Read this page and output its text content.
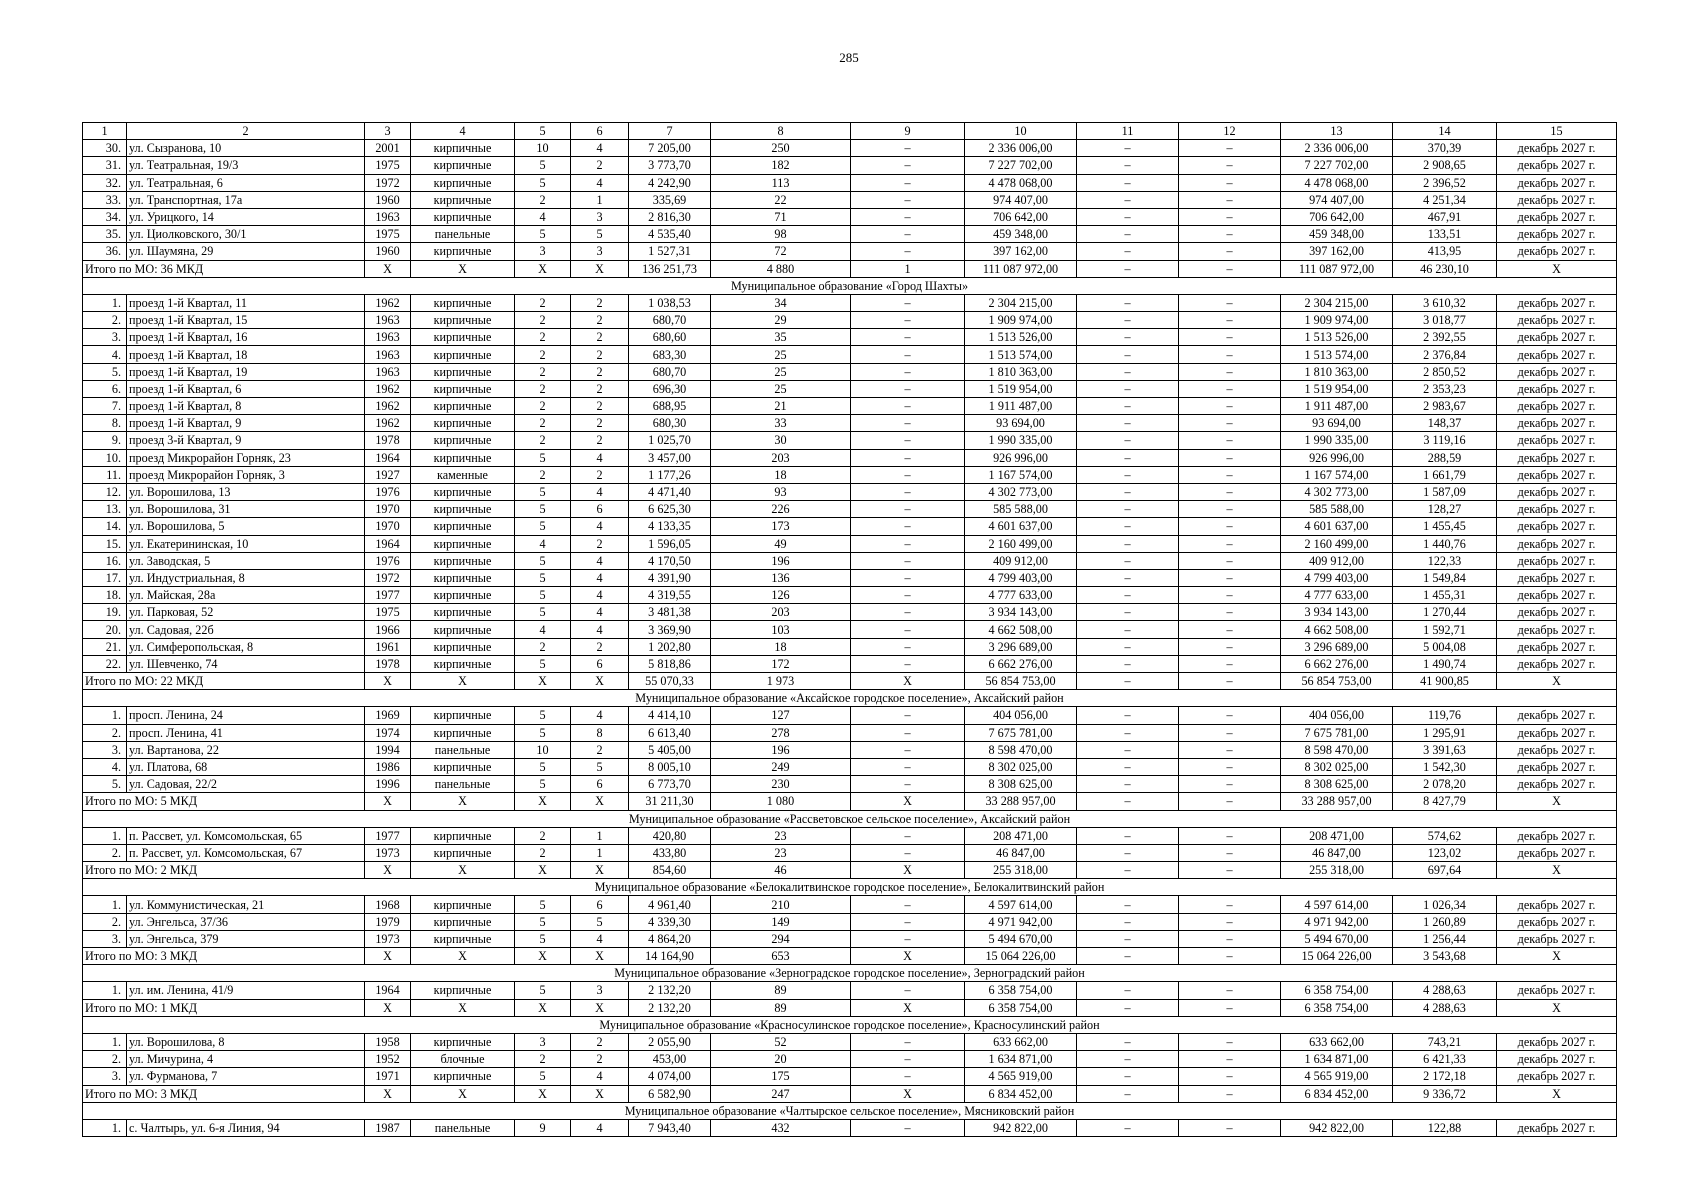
285
1	2	3	4	5	6	7	8	9	10	11	12	13	14	15
30.	ул. Сызранова, 10	2001	кирпичные	10	4	7 205,00	250	–	2 336 006,00	–	–	2 336 006,00	370,39	декабрь 2027 г.
31.	ул. Театральная, 19/3	1975	кирпичные	5	2	3 773,70	182	–	7 227 702,00	–	–	7 227 702,00	2 908,65	декабрь 2027 г.
32.	ул. Театральная, 6	1972	кирпичные	5	4	4 242,90	113	–	4 478 068,00	–	–	4 478 068,00	2 396,52	декабрь 2027 г.
33.	ул. Транспортная, 17а	1960	кирпичные	2	1	335,69	22	–	974 407,00	–	–	974 407,00	4 251,34	декабрь 2027 г.
34.	ул. Урицкого, 14	1963	кирпичные	4	3	2 816,30	71	–	706 642,00	–	–	706 642,00	467,91	декабрь 2027 г.
35.	ул. Циолковского, 30/1	1975	панельные	5	5	4 535,40	98	–	459 348,00	–	–	459 348,00	133,51	декабрь 2027 г.
36.	ул. Шаумяна, 29	1960	кирпичные	3	3	1 527,31	72	–	397 162,00	–	–	397 162,00	413,95	декабрь 2027 г.
Итого по МО: 36 МКД		X	X	X	X	136 251,73	4 880	1	111 087 972,00	–	–	111 087 972,00	46 230,10	X
Муниципальное образование «Город Шахты»														
1.	проезд 1-й Квартал, 11	1962	кирпичные	2	2	1 038,53	34	–	2 304 215,00	–	–	2 304 215,00	3 610,32	декабрь 2027 г.
2.	проезд 1-й Квартал, 15	1963	кирпичные	2	2	680,70	29	–	1 909 974,00	–	–	1 909 974,00	3 018,77	декабрь 2027 г.
3.	проезд 1-й Квартал, 16	1963	кирпичные	2	2	680,60	35	–	1 513 526,00	–	–	1 513 526,00	2 392,55	декабрь 2027 г.
4.	проезд 1-й Квартал, 18	1963	кирпичные	2	2	683,30	25	–	1 513 574,00	–	–	1 513 574,00	2 376,84	декабрь 2027 г.
5.	проезд 1-й Квартал, 19	1963	кирпичные	2	2	680,70	25	–	1 810 363,00	–	–	1 810 363,00	2 850,52	декабрь 2027 г.
6.	проезд 1-й Квартал, 6	1962	кирпичные	2	2	696,30	25	–	1 519 954,00	–	–	1 519 954,00	2 353,23	декабрь 2027 г.
7.	проезд 1-й Квартал, 8	1962	кирпичные	2	2	688,95	21	–	1 911 487,00	–	–	1 911 487,00	2 983,67	декабрь 2027 г.
8.	проезд 1-й Квартал, 9	1962	кирпичные	2	2	680,30	33	–	93 694,00	–	–	93 694,00	148,37	декабрь 2027 г.
9.	проезд 3-й Квартал, 9	1978	кирпичные	2	2	1 025,70	30	–	1 990 335,00	–	–	1 990 335,00	3 119,16	декабрь 2027 г.
10.	проезд Микрорайон Горняк, 23	1964	кирпичные	5	4	3 457,00	203	–	926 996,00	–	–	926 996,00	288,59	декабрь 2027 г.
11.	проезд Микрорайон Горняк, 3	1927	каменные	2	2	1 177,26	18	–	1 167 574,00	–	–	1 167 574,00	1 661,79	декабрь 2027 г.
12.	ул. Ворошилова, 13	1976	кирпичные	5	4	4 471,40	93	–	4 302 773,00	–	–	4 302 773,00	1 587,09	декабрь 2027 г.
13.	ул. Ворошилова, 31	1970	кирпичные	5	6	6 625,30	226	–	585 588,00	–	–	585 588,00	128,27	декабрь 2027 г.
14.	ул. Ворошилова, 5	1970	кирпичные	5	4	4 133,35	173	–	4 601 637,00	–	–	4 601 637,00	1 455,45	декабрь 2027 г.
15.	ул. Екатерининская, 10	1964	кирпичные	4	2	1 596,05	49	–	2 160 499,00	–	–	2 160 499,00	1 440,76	декабрь 2027 г.
16.	ул. Заводская, 5	1976	кирпичные	5	4	4 170,50	196	–	409 912,00	–	–	409 912,00	122,33	декабрь 2027 г.
17.	ул. Индустриальная, 8	1972	кирпичные	5	4	4 391,90	136	–	4 799 403,00	–	–	4 799 403,00	1 549,84	декабрь 2027 г.
18.	ул. Майская, 28а	1977	кирпичные	5	4	4 319,55	126	–	4 777 633,00	–	–	4 777 633,00	1 455,31	декабрь 2027 г.
19.	ул. Парковая, 52	1975	кирпичные	5	4	3 481,38	203	–	3 934 143,00	–	–	3 934 143,00	1 270,44	декабрь 2027 г.
20.	ул. Садовая, 22б	1966	кирпичные	4	4	3 369,90	103	–	4 662 508,00	–	–	4 662 508,00	1 592,71	декабрь 2027 г.
21.	ул. Симферопольская, 8	1961	кирпичные	2	2	1 202,80	18	–	3 296 689,00	–	–	3 296 689,00	5 004,08	декабрь 2027 г.
22.	ул. Шевченко, 74	1978	кирпичные	5	6	5 818,86	172	–	6 662 276,00	–	–	6 662 276,00	1 490,74	декабрь 2027 г.
Итого по МО: 22 МКД		X	X	X	X	55 070,33	1 973	X	56 854 753,00	–	–	56 854 753,00	41 900,85	X
Муниципальное образование «Аксайское городское поселение», Аксайский район														
1.	просп. Ленина, 24	1969	кирпичные	5	4	4 414,10	127	–	404 056,00	–	–	404 056,00	119,76	декабрь 2027 г.
2.	просп. Ленина, 41	1974	кирпичные	5	8	6 613,40	278	–	7 675 781,00	–	–	7 675 781,00	1 295,91	декабрь 2027 г.
3.	ул. Вартанова, 22	1994	панельные	10	2	5 405,00	196	–	8 598 470,00	–	–	8 598 470,00	3 391,63	декабрь 2027 г.
4.	ул. Платова, 68	1986	кирпичные	5	5	8 005,10	249	–	8 302 025,00	–	–	8 302 025,00	1 542,30	декабрь 2027 г.
5.	ул. Садовая, 22/2	1996	панельные	5	6	6 773,70	230	–	8 308 625,00	–	–	8 308 625,00	2 078,20	декабрь 2027 г.
Итого по МО: 5 МКД		X	X	X	X	31 211,30	1 080	X	33 288 957,00	–	–	33 288 957,00	8 427,79	X
Муниципальное образование «Рассветовское сельское поселение», Аксайский район														
1.	п. Рассвет, ул. Комсомольская, 65	1977	кирпичные	2	1	420,80	23	–	208 471,00	–	–	208 471,00	574,62	декабрь 2027 г.
2.	п. Рассвет, ул. Комсомольская, 67	1973	кирпичные	2	1	433,80	23	–	46 847,00	–	–	46 847,00	123,02	декабрь 2027 г.
Итого по МО: 2 МКД		X	X	X	X	854,60	46	X	255 318,00	–	–	255 318,00	697,64	X
Муниципальное образование «Белокалитвинское городское поселение», Белокалитвинский район														
1.	ул. Коммунистическая, 21	1968	кирпичные	5	6	4 961,40	210	–	4 597 614,00	–	–	4 597 614,00	1 026,34	декабрь 2027 г.
2.	ул. Энгельса, 37/36	1979	кирпичные	5	5	4 339,30	149	–	4 971 942,00	–	–	4 971 942,00	1 260,89	декабрь 2027 г.
3.	ул. Энгельса, 379	1973	кирпичные	5	4	4 864,20	294	–	5 494 670,00	–	–	5 494 670,00	1 256,44	декабрь 2027 г.
Итого по МО: 3 МКД		X	X	X	X	14 164,90	653	X	15 064 226,00	–	–	15 064 226,00	3 543,68	X
Муниципальное образование «Зерноградское городское поселение», Зерноградский район														
1.	ул. им. Ленина, 41/9	1964	кирпичные	5	3	2 132,20	89	–	6 358 754,00	–	–	6 358 754,00	4 288,63	декабрь 2027 г.
Итого по МО: 1 МКД		X	X	X	X	2 132,20	89	X	6 358 754,00	–	–	6 358 754,00	4 288,63	X
Муниципальное образование «Красносулинское городское поселение», Красносулинский район														
1.	ул. Ворошилова, 8	1958	кирпичные	3	2	2 055,90	52	–	633 662,00	–	–	633 662,00	743,21	декабрь 2027 г.
2.	ул. Мичурина, 4	1952	блочные	2	2	453,00	20	–	1 634 871,00	–	–	1 634 871,00	6 421,33	декабрь 2027 г.
3.	ул. Фурманова, 7	1971	кирпичные	5	4	4 074,00	175	–	4 565 919,00	–	–	4 565 919,00	2 172,18	декабрь 2027 г.
Итого по МО: 3 МКД		X	X	X	X	6 582,90	247	X	6 834 452,00	–	–	6 834 452,00	9 336,72	X
Муниципальное образование «Чалтырское сельское поселение», Мясниковский район														
1.	с. Чалтырь, ул. 6-я Линия, 94	1987	панельные	9	4	7 943,40	432	–	942 822,00	–	–	942 822,00	122,88	декабрь 2027 г.
